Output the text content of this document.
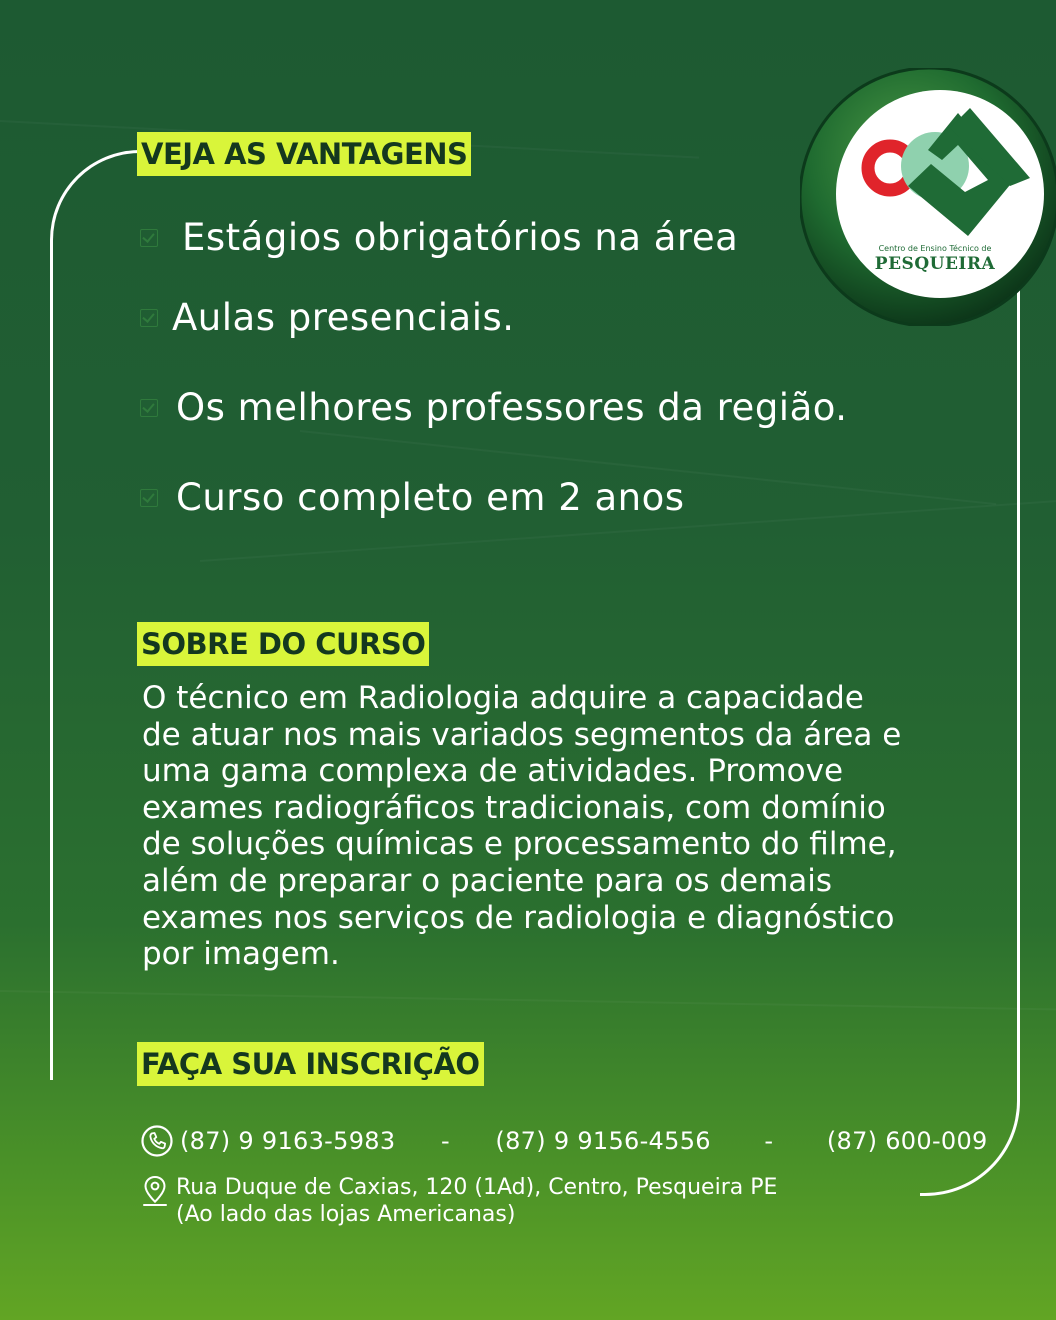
VEJA AS VANTAGENS
Estágios obrigatórios na área
Aulas presenciais.
Os melhores professores da região.
Curso completo em 2 anos
SOBRE DO CURSO
O técnico em Radiologia adquire a capacidade
de atuar nos mais variados segmentos da área e
uma gama complexa de atividades. Promove
exames radiográficos tradicionais, com domínio
de soluções químicas e processamento do filme,
além de preparar o paciente para os demais
exames nos serviços de radiologia e diagnóstico
por imagem.
FAÇA SUA INSCRIÇÃO
(87) 9 9163-5983	-	(87) 9 9156-4556	-	(87) 600-009
Rua Duque de Caxias, 120 (1Ad), Centro, Pesqueira PE
(Ao lado das lojas Americanas)
Centro de Ensino Técnico de
PESQUEIRA
